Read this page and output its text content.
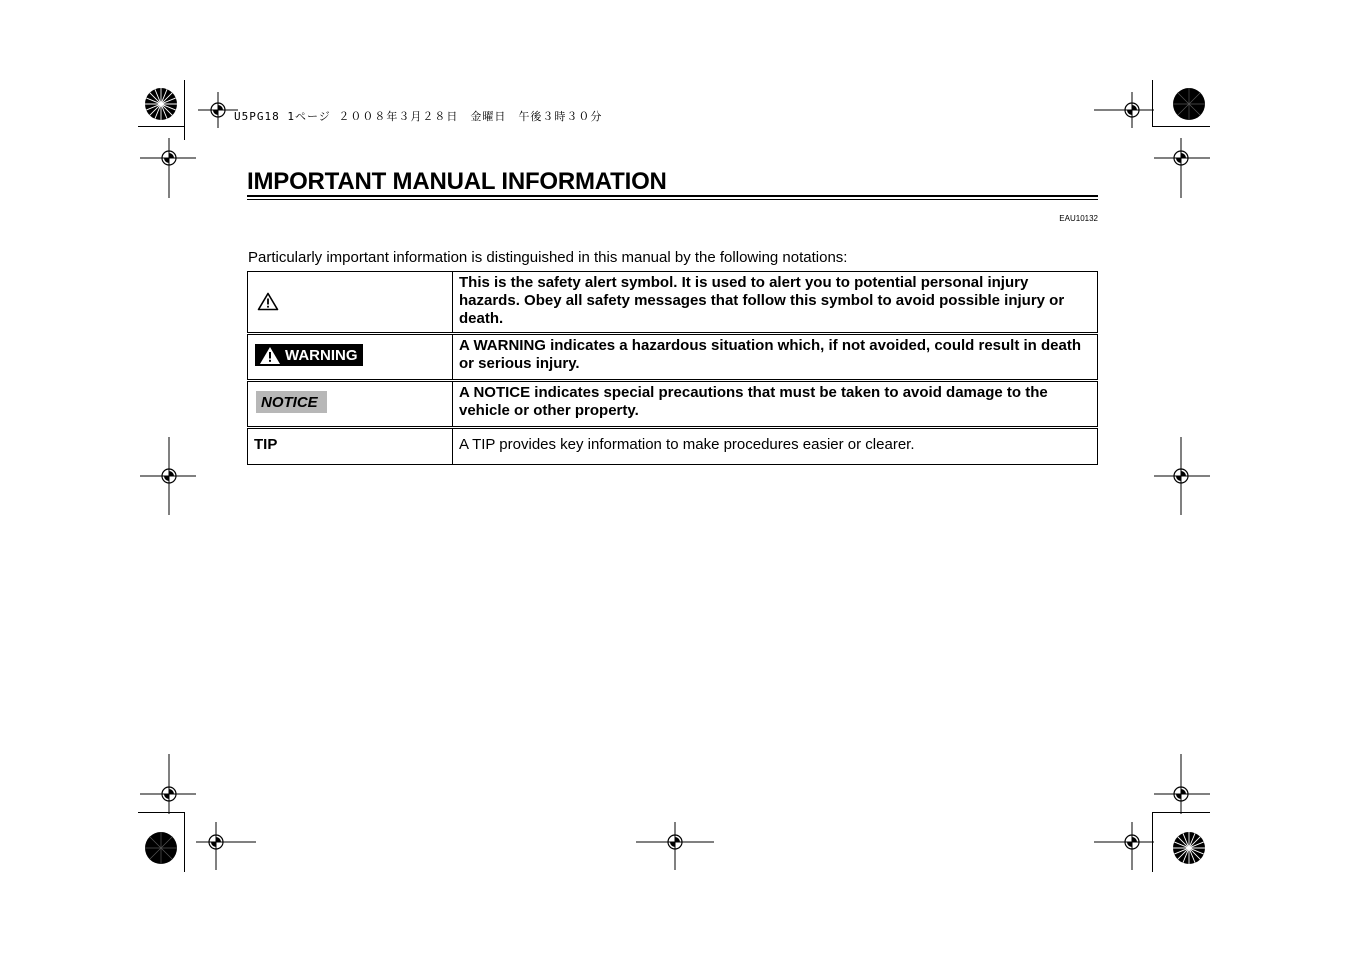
U5PG18 1ページ ２００８年３月２８日　金曜日　午後３時３０分
IMPORTANT MANUAL INFORMATION
EAU10132
Particularly important information is distinguished in this manual by the following notations:
This is the safety alert symbol. It is used to alert you to potential personal injury hazards. Obey all safety messages that follow this symbol to avoid possible injury or death.
WARNING
A WARNING indicates a hazardous situation which, if not avoided, could result in death or serious injury.
NOTICE
A NOTICE indicates special precautions that must be taken to avoid damage to the vehicle or other property.
TIP	A TIP provides key information to make procedures easier or clearer.
